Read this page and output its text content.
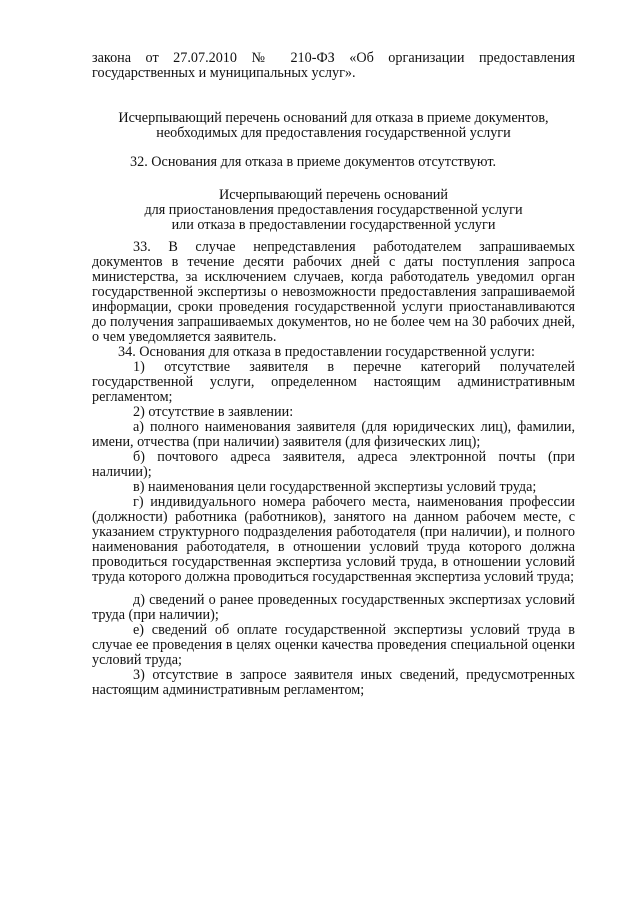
закона от 27.07.2010 № 210-ФЗ «Об организации предоставления государственных и муниципальных услуг».
Исчерпывающий перечень оснований для отказа в приеме документов,
необходимых для предоставления государственной услуги
32. Основания для отказа в приеме документов отсутствуют.
Исчерпывающий перечень оснований
для приостановления предоставления государственной услуги
или отказа в предоставлении государственной услуги
33. В случае непредставления работодателем запрашиваемых документов в течение десяти рабочих дней с даты поступления запроса министерства, за исключением случаев, когда работодатель уведомил орган государственной экспертизы о невозможности предоставления запрашиваемой информации, сроки проведения государственной услуги приостанавливаются до получения запрашиваемых документов, но не более чем на 30 рабочих дней, о чем уведомляется заявитель.
34. Основания для отказа в предоставлении государственной услуги:
1) отсутствие заявителя в перечне категорий получателей государственной услуги, определенном настоящим административным регламентом;
2) отсутствие в заявлении:
а) полного наименования заявителя (для юридических лиц), фамилии, имени, отчества (при наличии) заявителя (для физических лиц);
б) почтового адреса заявителя, адреса электронной почты (при наличии);
в) наименования цели государственной экспертизы условий труда;
г) индивидуального номера рабочего места, наименования профессии (должности) работника (работников), занятого на данном рабочем месте, с указанием структурного подразделения работодателя (при наличии), и полного наименования работодателя, в отношении условий труда которого должна проводиться государственная экспертиза условий труда, в отношении условий труда которого должна проводиться государственная экспертиза условий труда;
д) сведений о ранее проведенных государственных экспертизах условий труда (при наличии);
е) сведений об оплате государственной экспертизы условий труда в случае ее проведения в целях оценки качества проведения специальной оценки условий труда;
3) отсутствие в запросе заявителя иных сведений, предусмотренных настоящим административным регламентом;
